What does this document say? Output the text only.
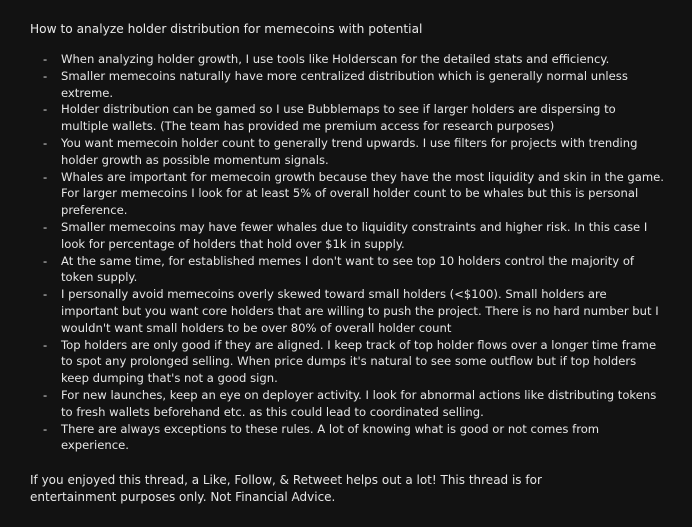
How to analyze holder distribution for memecoins with potential
- When analyzing holder growth, I use tools like Holderscan for the detailed stats and efficiency.
- Smaller memecoins naturally have more centralized distribution which is generally normal unless extreme.
- Holder distribution can be gamed so I use Bubblemaps to see if larger holders are dispersing to multiple wallets. (The team has provided me premium access for research purposes)
- You want memecoin holder count to generally trend upwards. I use filters for projects with trending holder growth as possible momentum signals.
- Whales are important for memecoin growth because they have the most liquidity and skin in the game. For larger memecoins I look for at least 5% of overall holder count to be whales but this is personal preference.
- Smaller memecoins may have fewer whales due to liquidity constraints and higher risk. In this case I look for percentage of holders that hold over $1k in supply.
- At the same time, for established memes I don't want to see top 10 holders control the majority of token supply.
- I personally avoid memecoins overly skewed toward small holders (<$100). Small holders are important but you want core holders that are willing to push the project. There is no hard number but I wouldn't want small holders to be over 80% of overall holder count
- Top holders are only good if they are aligned. I keep track of top holder flows over a longer time frame to spot any prolonged selling. When price dumps it's natural to see some outflow but if top holders keep dumping that's not a good sign.
- For new launches, keep an eye on deployer activity. I look for abnormal actions like distributing tokens to fresh wallets beforehand etc. as this could lead to coordinated selling.
- There are always exceptions to these rules. A lot of knowing what is good or not comes from experience.

If you enjoyed this thread, a Like, Follow, & Retweet helps out a lot! This thread is for entertainment purposes only. Not Financial Advice.
